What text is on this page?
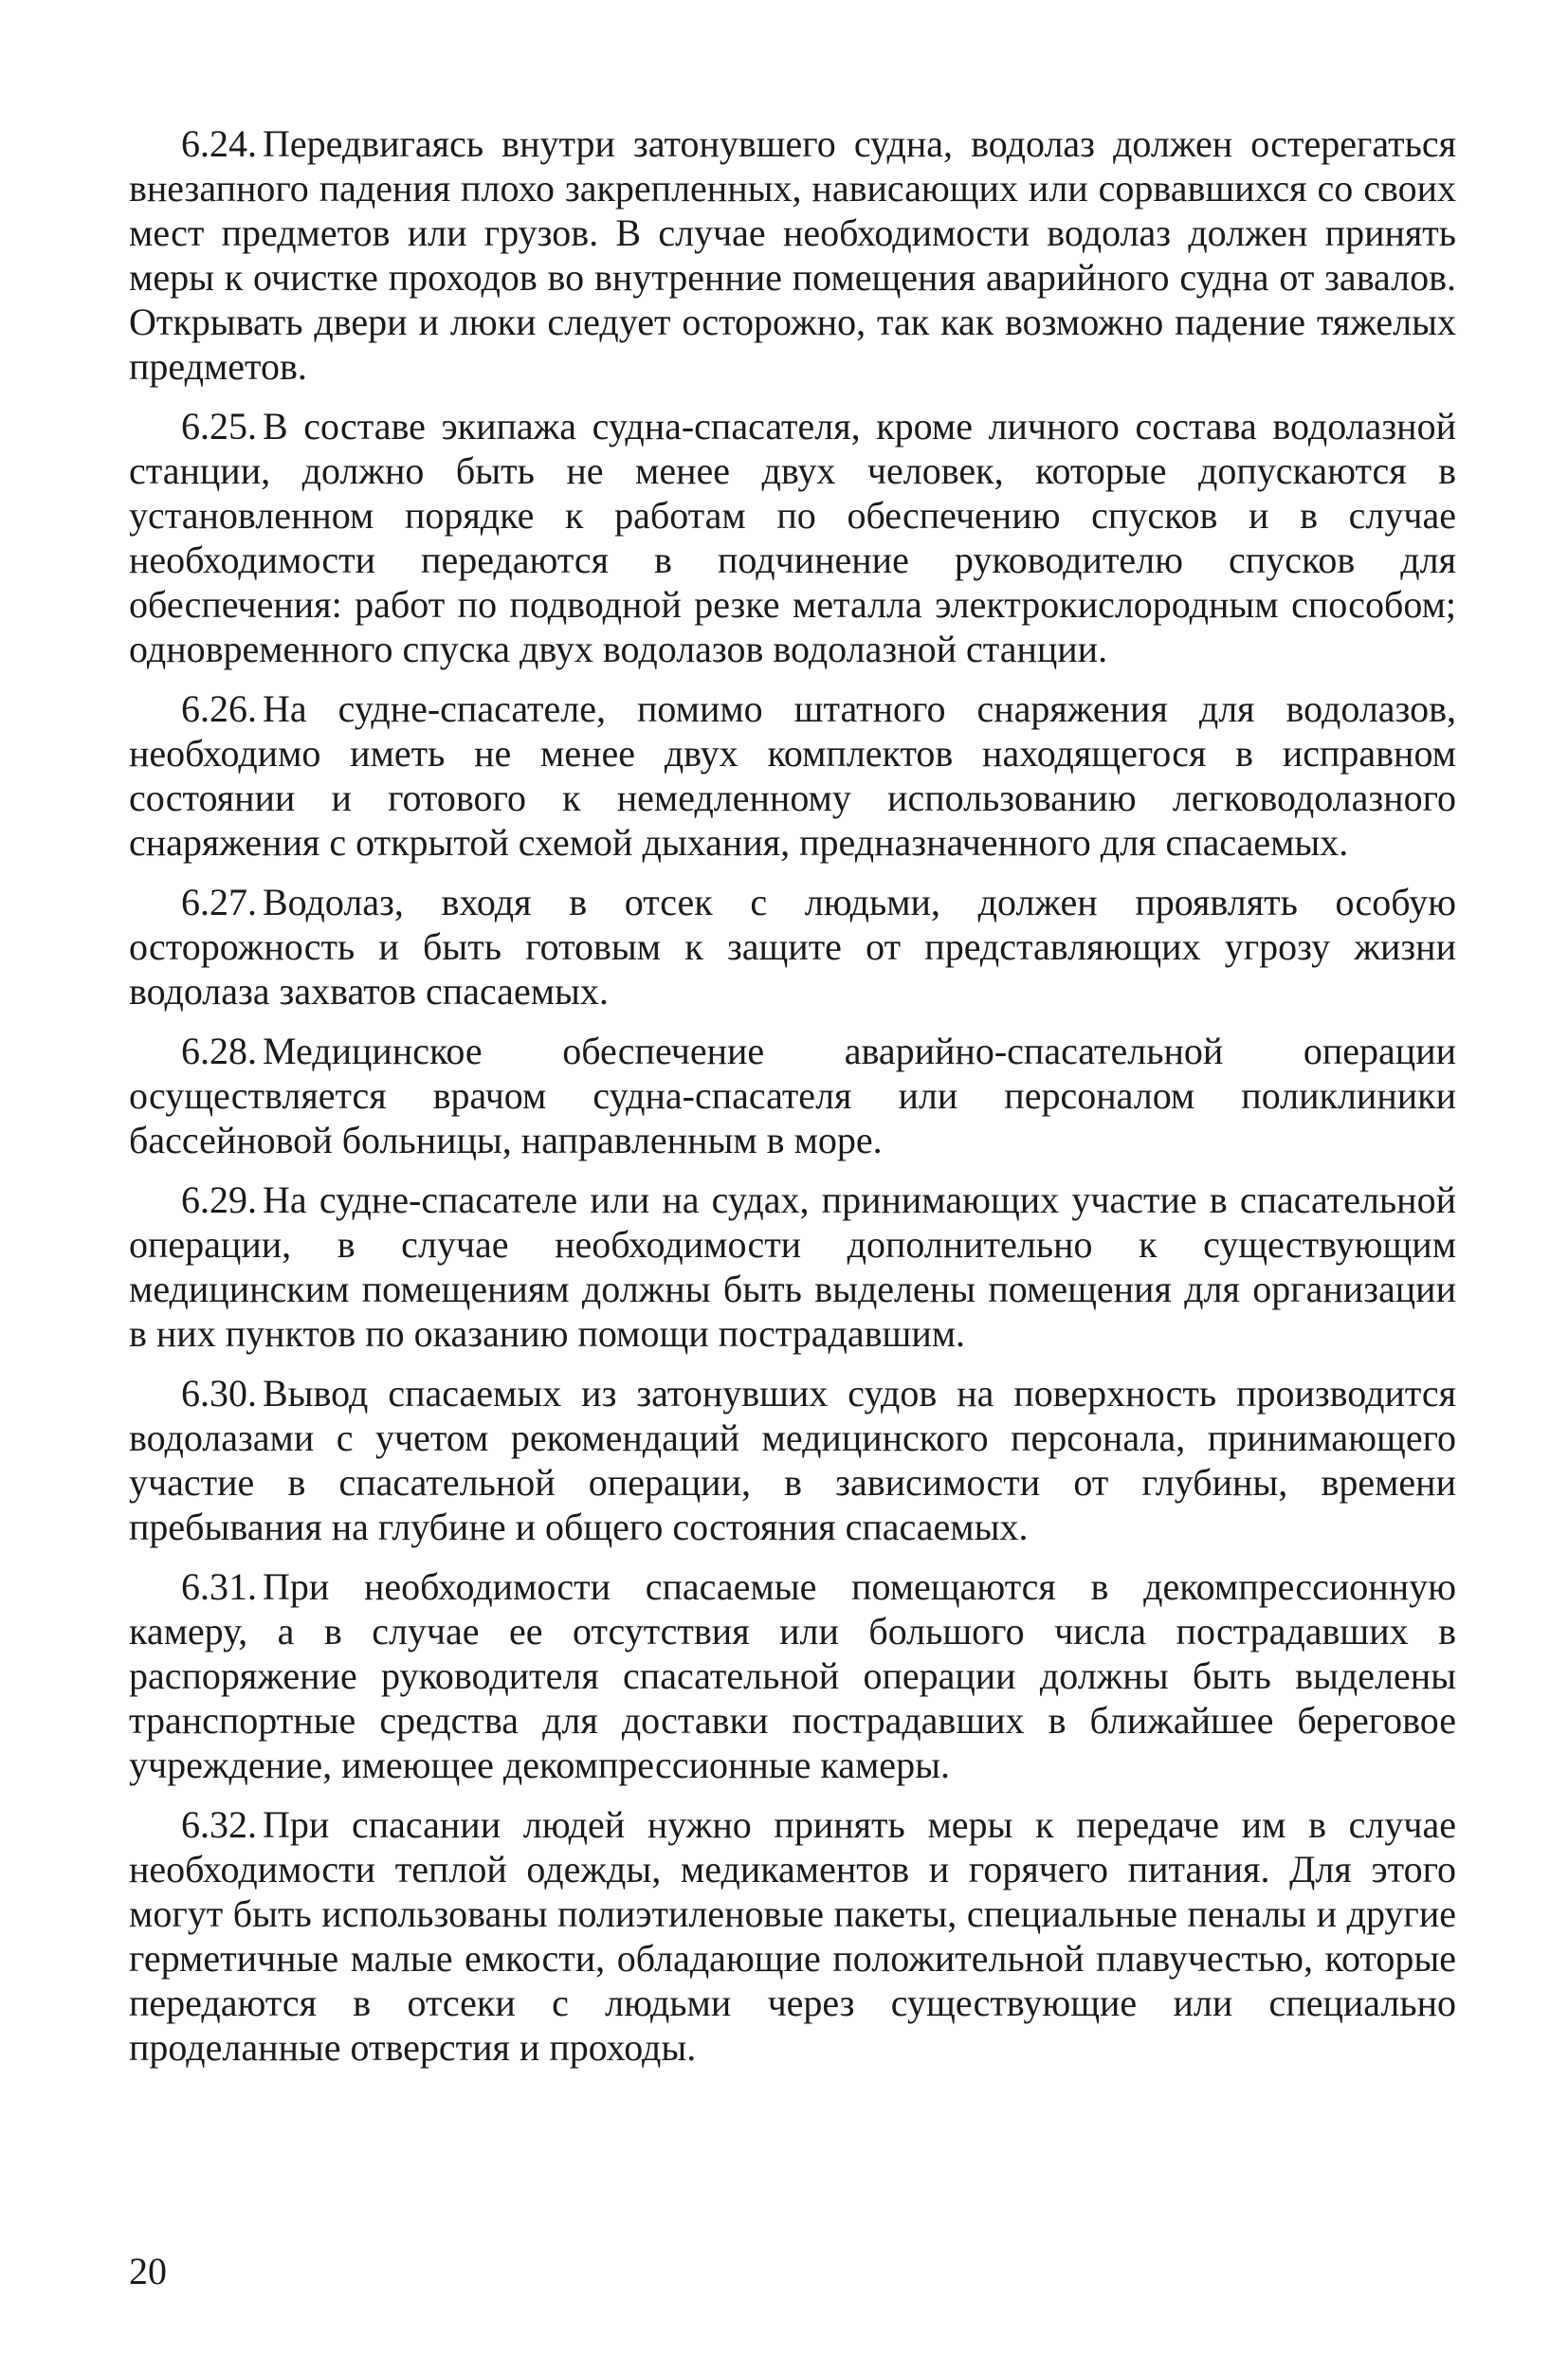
6.24. Передвигаясь внутри затонувшего судна, водолаз должен остерегаться внезапного падения плохо закрепленных, нависающих или сорвавшихся со своих мест предметов или грузов. В случае необходимости водолаз должен принять меры к очистке проходов во внутренние помещения аварийного судна от завалов. Открывать двери и люки следует осторожно, так как возможно падение тяжелых предметов.

6.25. В составе экипажа судна-спасателя, кроме личного состава водолазной станции, должно быть не менее двух человек, которые допускаются в установленном порядке к работам по обеспечению спусков и в случае необходимости передаются в подчинение руководителю спусков для обеспечения: работ по подводной резке металла электрокислородным способом; одновременного спуска двух водолазов водолазной станции.

6.26. На судне-спасателе, помимо штатного снаряжения для водолазов, необходимо иметь не менее двух комплектов находящегося в исправном состоянии и готового к немедленному использованию легководолазного снаряжения с открытой схемой дыхания, предназначенного для спасаемых.

6.27. Водолаз, входя в отсек с людьми, должен проявлять особую осторожность и быть готовым к защите от представляющих угрозу жизни водолаза захватов спасаемых.

6.28. Медицинское обеспечение аварийно-спасательной операции осуществляется врачом судна-спасателя или персоналом поликлиники бассейновой больницы, направленным в море.

6.29. На судне-спасателе или на судах, принимающих участие в спасательной операции, в случае необходимости дополнительно к существующим медицинским помещениям должны быть выделены помещения для организации в них пунктов по оказанию помощи пострадавшим.

6.30. Вывод спасаемых из затонувших судов на поверхность производится водолазами с учетом рекомендаций медицинского персонала, принимающего участие в спасательной операции, в зависимости от глубины, времени пребывания на глубине и общего состояния спасаемых.

6.31. При необходимости спасаемые помещаются в декомпрессионную камеру, а в случае ее отсутствия или большого числа пострадавших в распоряжение руководителя спасательной операции должны быть выделены транспортные средства для доставки пострадавших в ближайшее береговое учреждение, имеющее декомпрессионные камеры.

6.32. При спасании людей нужно принять меры к передаче им в случае необходимости теплой одежды, медикаментов и горячего питания. Для этого могут быть использованы полиэтиленовые пакеты, специальные пеналы и другие герметичные малые емкости, обладающие положительной плавучестью, которые передаются в отсеки с людьми через существующие или специально проделанные отверстия и проходы.

20
